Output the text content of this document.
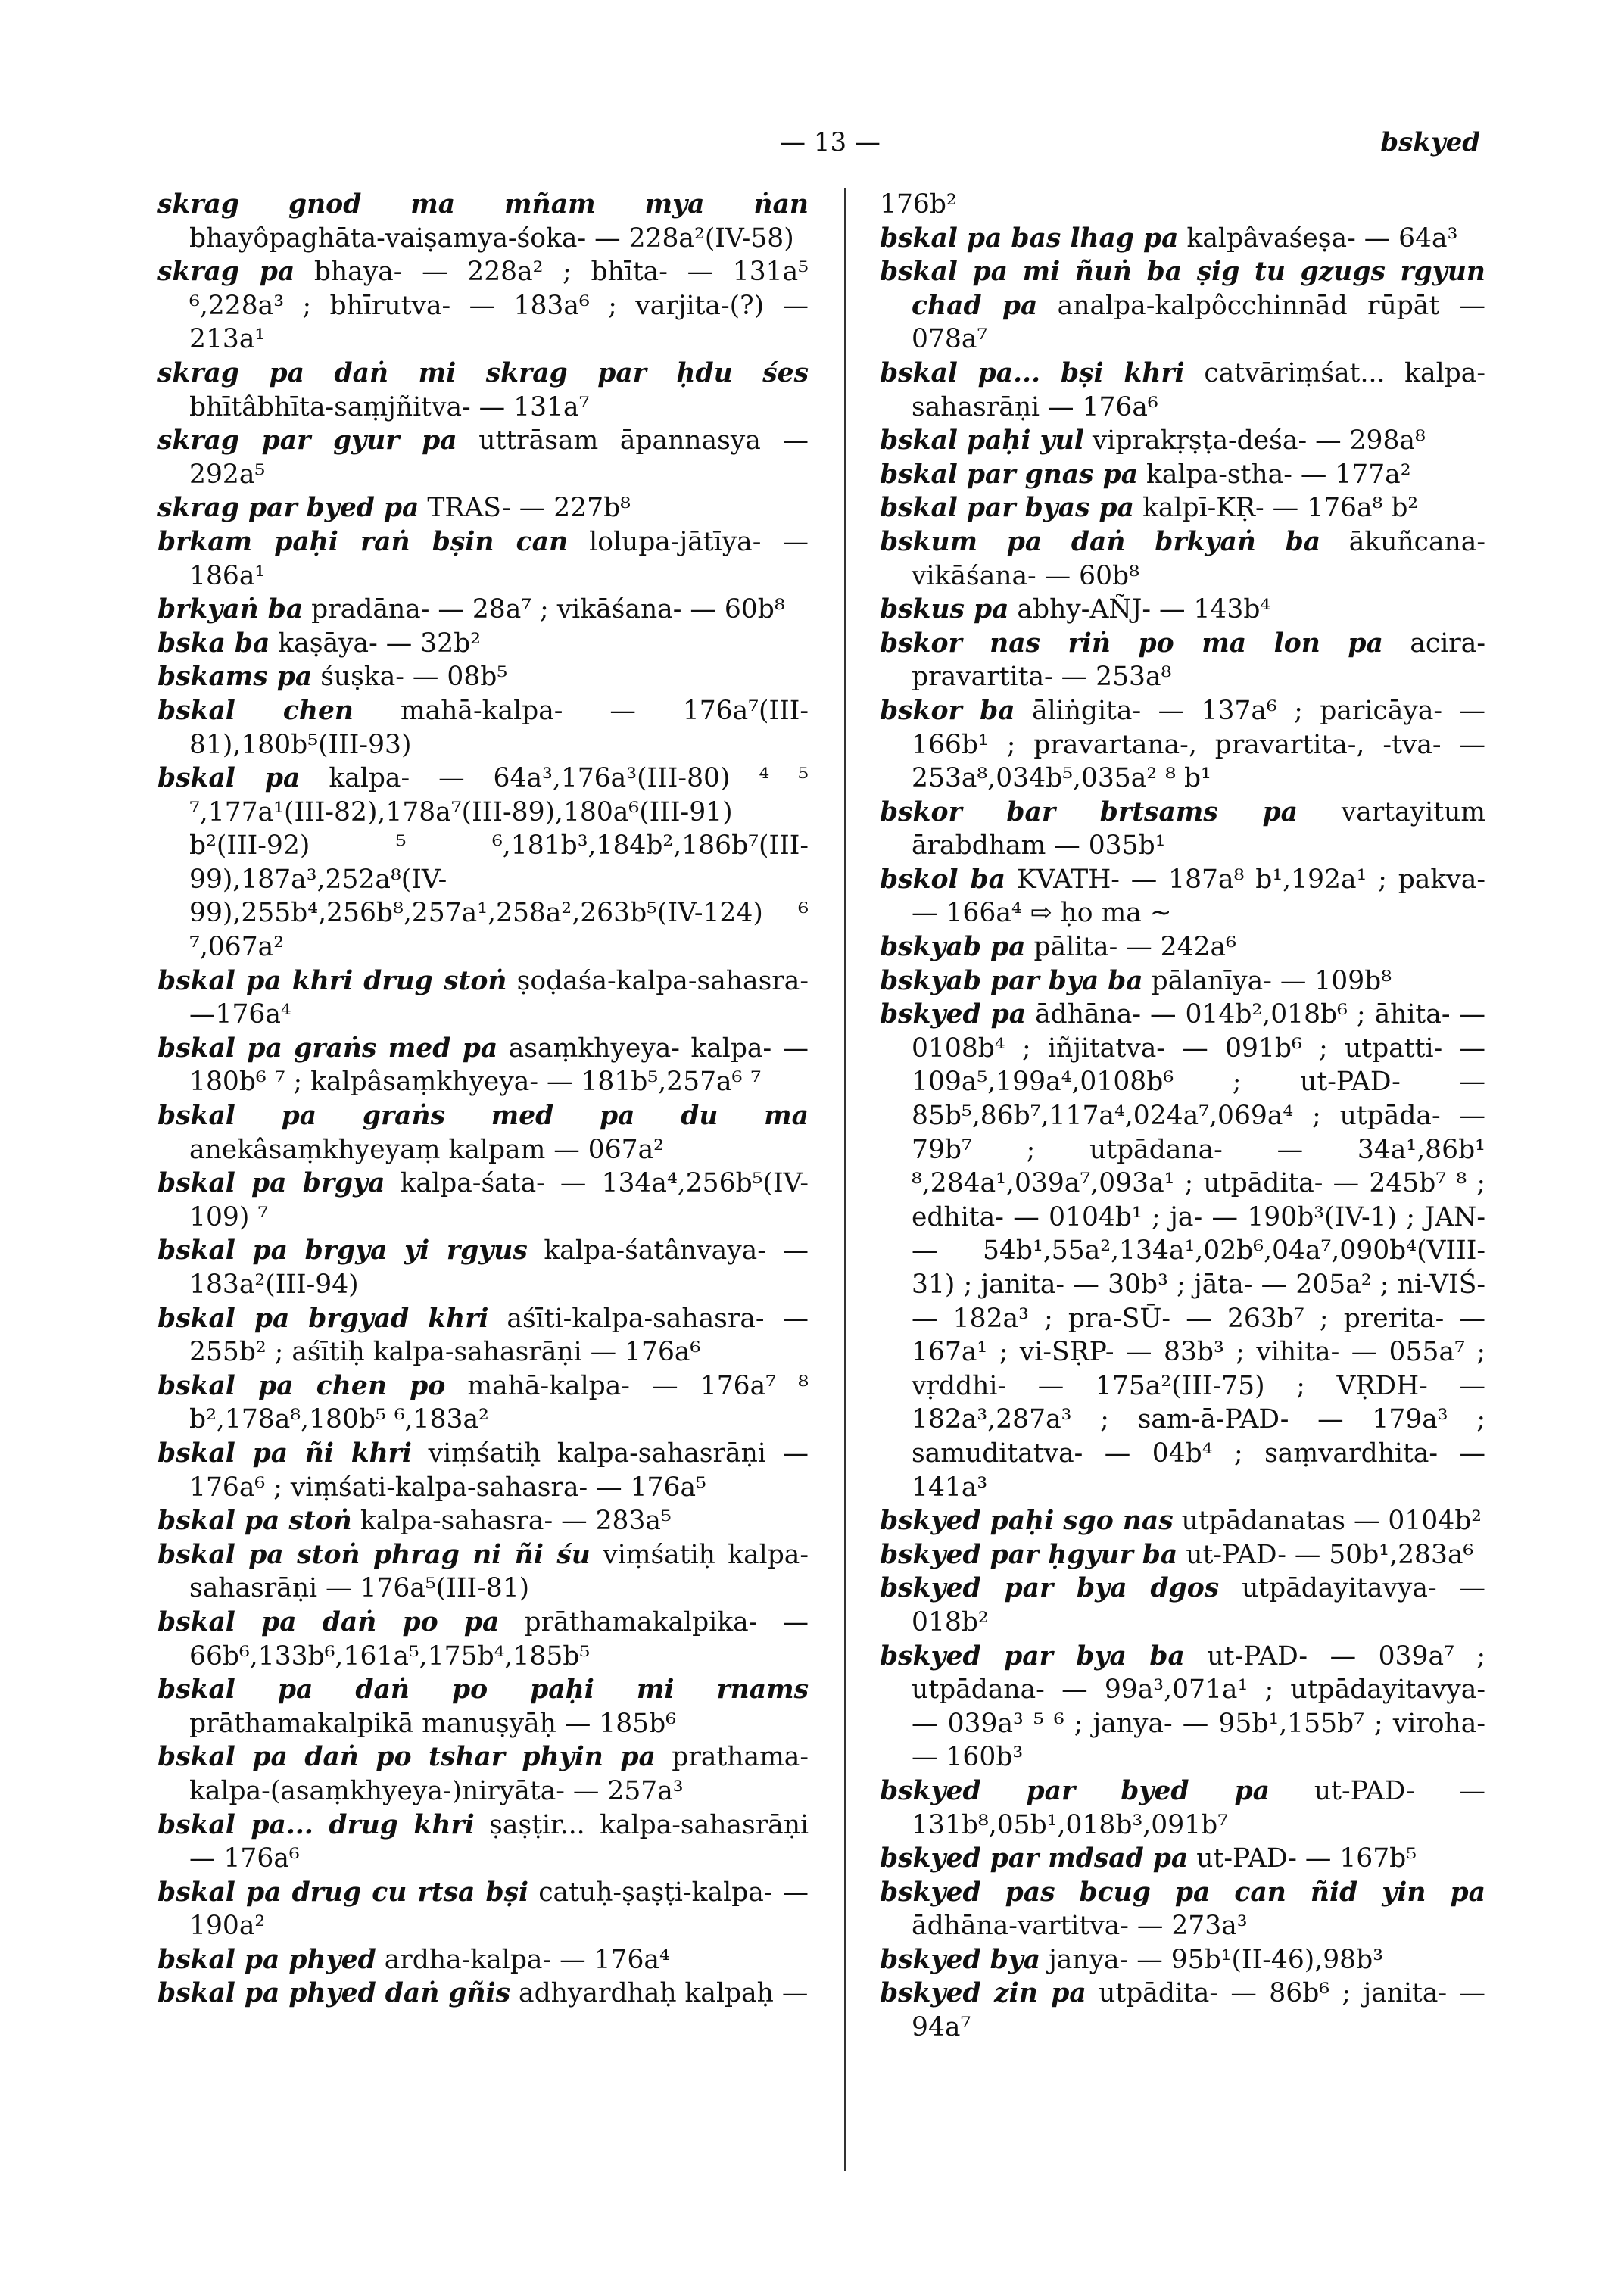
— 13 —	bskyed

skrag gnod ma mñam mya ṅan bhayôpaghāta-vaiṣamya-śoka- — 228a²(IV-58)

skrag pa bhaya- — 228a² ; bhīta- — 131a⁵ ⁶,228a³ ; bhīrutva- — 183a⁶ ; varjita-(?) — 213a¹

skrag pa daṅ mi skrag par ḥdu śes bhītâbhīta-saṃjñitva- — 131a⁷

skrag par gyur pa uttrāsam āpannasya — 292a⁵

skrag par byed pa TRAS- — 227b⁸

brkam paḥi raṅ bṣin can lolupa-jātīya- — 186a¹

brkyaṅ ba pradāna- — 28a⁷ ; vikāśana- — 60b⁸

bska ba kaṣāya- — 32b²

bskams pa śuṣka- — 08b⁵

bskal chen mahā-kalpa- — 176a⁷(III-81),180b⁵(III-93)

bskal pa kalpa- — 64a³,176a³(III-80) ⁴ ⁵ ⁷,177a¹(III-82),178a⁷(III-89),180a⁶(III-91) b²(III-92) ⁵ ⁶,181b³,184b²,186b⁷(III-99),187a³,252a⁸(IV-99),255b⁴,256b⁸,257a¹,258a²,263b⁵(IV-124) ⁶ ⁷,067a²

bskal pa khri drug stoṅ ṣoḍaśa-kalpa-sahasra- —176a⁴

bskal pa graṅs med pa asaṃkhyeya- kalpa- — 180b⁶ ⁷ ; kalpâsaṃkhyeya- — 181b⁵,257a⁶ ⁷

bskal pa graṅs med pa du ma anekâsaṃkhyeyaṃ kalpam — 067a²

bskal pa brgya kalpa-śata- — 134a⁴,256b⁵(IV-109) ⁷

bskal pa brgya yi rgyus kalpa-śatânvaya- — 183a²(III-94)

bskal pa brgyad khri aśīti-kalpa-sahasra- — 255b² ; aśītiḥ kalpa-sahasrāṇi — 176a⁶

bskal pa chen po mahā-kalpa- — 176a⁷ ⁸ b²,178a⁸,180b⁵ ⁶,183a²

bskal pa ñi khri viṃśatiḥ kalpa-sahasrāṇi — 176a⁶ ; viṃśati-kalpa-sahasra- — 176a⁵

bskal pa stoṅ kalpa-sahasra- — 283a⁵

bskal pa stoṅ phrag ni ñi śu viṃśatiḥ kalpa-sahasrāṇi — 176a⁵(III-81)

bskal pa daṅ po pa prāthamakalpika- — 66b⁶,133b⁶,161a⁵,175b⁴,185b⁵

bskal pa daṅ po paḥi mi rnams prāthamakalpikā manuṣyāḥ — 185b⁶

bskal pa daṅ po tshar phyin pa prathama-kalpa-(asaṃkhyeya-)niryāta- — 257a³

bskal pa... drug khri ṣaṣṭir... kalpa-sahasrāṇi — 176a⁶

bskal pa drug cu rtsa bṣi catuḥ-ṣaṣṭi-kalpa- — 190a²

bskal pa phyed ardha-kalpa- — 176a⁴

bskal pa phyed daṅ gñis adhyardhaḥ kalpaḥ —

176b²

bskal pa bas lhag pa kalpâvaśeṣa- — 64a³

bskal pa mi ñuṅ ba ṣig tu gzugs rgyun chad pa analpa-kalpôcchinnād rūpāt — 078a⁷

bskal pa... bṣi khri catvāriṃśat... kalpa-sahasrāṇi — 176a⁶

bskal paḥi yul viprakṛṣṭa-deśa- — 298a⁸

bskal par gnas pa kalpa-stha- — 177a²

bskal par byas pa kalpī-KṚ- — 176a⁸ b²

bskum pa daṅ brkyaṅ ba ākuñcana-vikāśana- — 60b⁸

bskus pa abhy-AÑJ- — 143b⁴

bskor nas riṅ po ma lon pa acira-pravartita- — 253a⁸

bskor ba āliṅgita- — 137a⁶ ; paricāya- — 166b¹ ; pravartana-, pravartita-, -tva- — 253a⁸,034b⁵,035a² ⁸ b¹

bskor bar brtsams pa vartayitum ārabdham — 035b¹

bskol ba KVATH- — 187a⁸ b¹,192a¹ ; pakva- — 166a⁴ ⇨ ḥo ma ~

bskyab pa pālita- — 242a⁶

bskyab par bya ba pālanīya- — 109b⁸

bskyed pa ādhāna- — 014b²,018b⁶ ; āhita- — 0108b⁴ ; iñjitatva- — 091b⁶ ; utpatti- — 109a⁵,199a⁴,0108b⁶ ; ut-PAD- — 85b⁵,86b⁷,117a⁴,024a⁷,069a⁴ ; utpāda- — 79b⁷ ; utpādana- — 34a¹,86b¹ ⁸,284a¹,039a⁷,093a¹ ; utpādita- — 245b⁷ ⁸ ; edhita- — 0104b¹ ; ja- — 190b³(IV-1) ; JAN- — 54b¹,55a²,134a¹,02b⁶,04a⁷,090b⁴(VIII-31) ; janita- — 30b³ ; jāta- — 205a² ; ni-VIŚ- — 182a³ ; pra-SŪ- — 263b⁷ ; prerita- — 167a¹ ; vi-SṚP- — 83b³ ; vihita- — 055a⁷ ; vṛddhi- — 175a²(III-75) ; VṚDH- — 182a³,287a³ ; sam-ā-PAD- — 179a³ ; samuditatva- — 04b⁴ ; saṃvardhita- — 141a³

bskyed paḥi sgo nas utpādanatas — 0104b²

bskyed par ḥgyur ba ut-PAD- — 50b¹,283a⁶

bskyed par bya dgos utpādayitavya- — 018b²

bskyed par bya ba ut-PAD- — 039a⁷ ; utpādana- — 99a³,071a¹ ; utpādayitavya- — 039a³ ⁵ ⁶ ; janya- — 95b¹,155b⁷ ; viroha- — 160b³

bskyed par byed pa ut-PAD- — 131b⁸,05b¹,018b³,091b⁷

bskyed par mdsad pa ut-PAD- — 167b⁵

bskyed pas bcug pa can ñid yin pa ādhāna-vartitva- — 273a³

bskyed bya janya- — 95b¹(II-46),98b³

bskyed zin pa utpādita- — 86b⁶ ; janita- — 94a⁷
